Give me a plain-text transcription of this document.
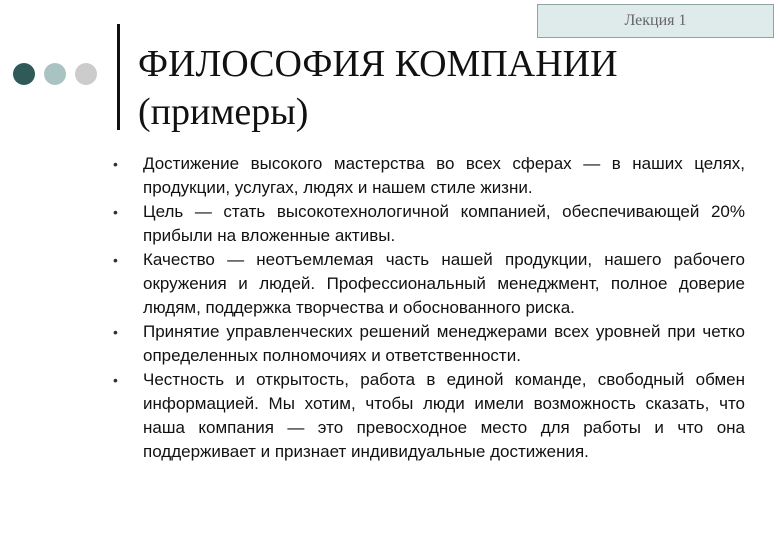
Лекция 1
ФИЛОСОФИЯ КОМПАНИИ
(примеры)
• Достижение высокого мастерства во всех сферах — в наших целях, продукции, услугах, людях и нашем стиле жизни.
• Цель — стать высокотехнологичной компанией, обеспечивающей 20% прибыли на вложенные активы.
• Качество — неотъемлемая часть нашей продукции, нашего рабочего окружения и людей. Профессиональный менеджмент, полное доверие людям, поддержка творчества и обоснованного риска.
• Принятие управленческих решений менеджерами всех уровней при четко определенных полномочиях и ответственности.
• Честность и открытость, работа в единой команде, свободный обмен информацией. Мы хотим, чтобы люди имели возможность сказать, что наша компания — это превосходное место для работы и что она поддерживает и признает индивидуальные достижения.
